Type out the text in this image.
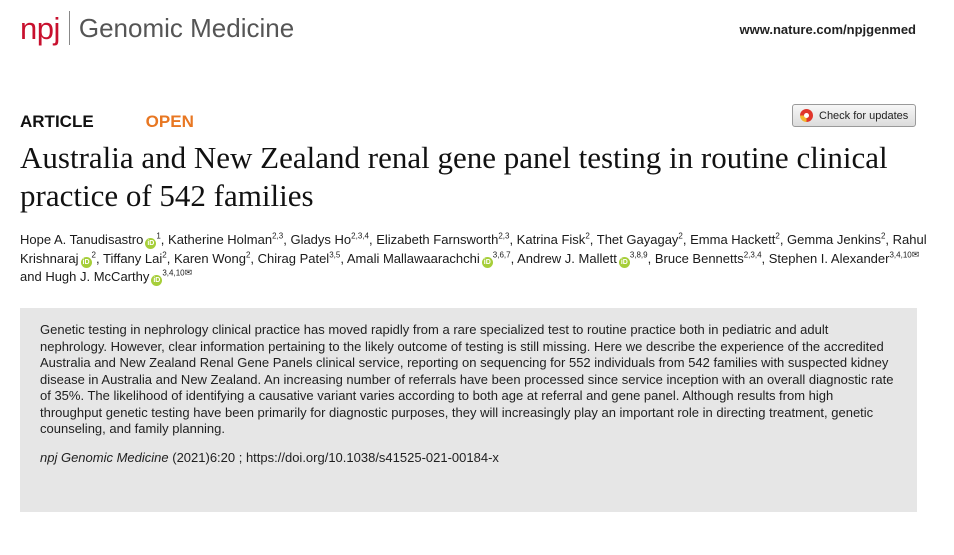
npj Genomic Medicine	www.nature.com/npjgenmed
ARTICLE	OPEN	Check for updates
Australia and New Zealand renal gene panel testing in routine clinical practice of 542 families
Hope A. Tanudisastro $iD^1$, Katherine Holman$^{2,3}$, Gladys Ho$^{2,3,4}$, Elizabeth Farnsworth$^{2,3}$, Katrina Fisk$^2$, Thet Gayagay$^2$, Emma Hackett$^2$, Gemma Jenkins$^2$, Rahul Krishnaraj $iD^2$, Tiffany Lai$^2$, Karen Wong$^2$, Chirag Patel$^{3,5}$, Amali Mallawaarachchi iD$^{3,6,7}$, Andrew J. Mallett iD$^{3,8,9}$, Bruce Bennetts$^{2,3,4}$, Stephen I. Alexander$^{3,4,10✉}$ and Hugh J. McCarthy $iD^{3,4,10✉}$

Genetic testing in nephrology clinical practice has moved rapidly from a rare specialized test to routine practice both in pediatric and adult nephrology. However, clear information pertaining to the likely outcome of testing is still missing. Here we describe the experience of the accredited Australia and New Zealand Renal Gene Panels clinical service, reporting on sequencing for 552 individuals from 542 families with suspected kidney disease in Australia and New Zealand. An increasing number of referrals have been processed since service inception with an overall diagnostic rate of 35%. The likelihood of identifying a causative variant varies according to both age at referral and gene panel. Although results from high throughput genetic testing have been primarily for diagnostic purposes, they will increasingly play an important role in directing treatment, genetic counseling, and family planning.

npj Genomic Medicine (2021)6:20 ; https://doi.org/10.1038/s41525-021-00184-x
